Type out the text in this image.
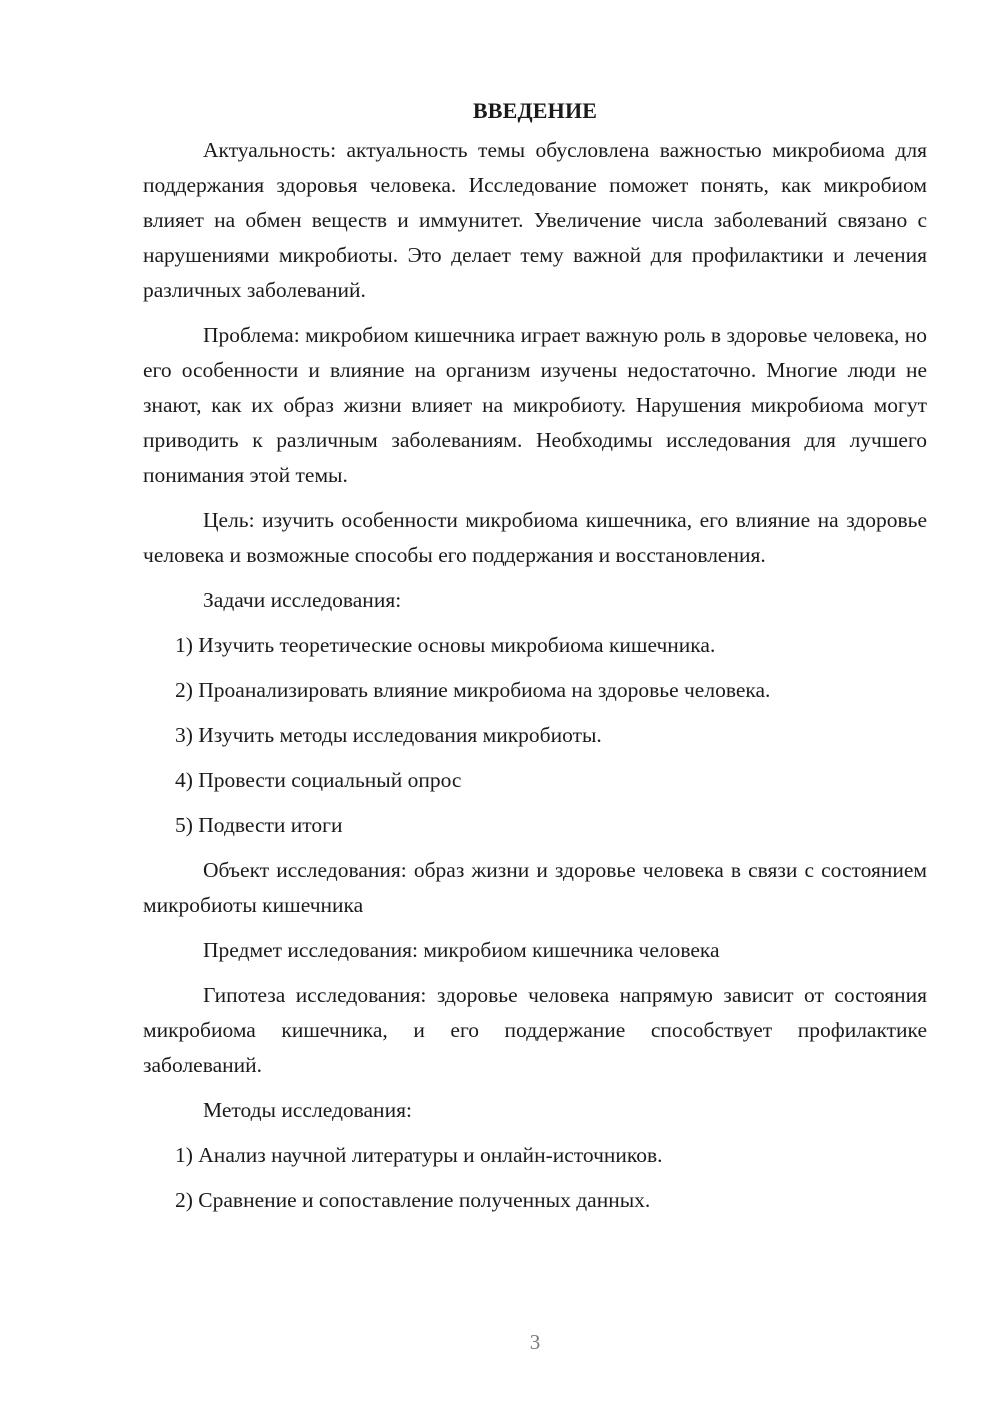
ВВЕДЕНИЕ

Актуальность: актуальность темы обусловлена важностью микробиома для поддержания здоровья человека. Исследование поможет понять, как микробиом влияет на обмен веществ и иммунитет. Увеличение числа заболеваний связано с нарушениями микробиоты. Это делает тему важной для профилактики и лечения различных заболеваний.

Проблема: микробиом кишечника играет важную роль в здоровье человека, но его особенности и влияние на организм изучены недостаточно. Многие люди не знают, как их образ жизни влияет на микробиоту. Нарушения микробиома могут приводить к различным заболеваниям. Необходимы исследования для лучшего понимания этой темы.

Цель: изучить особенности микробиома кишечника, его влияние на здоровье человека и возможные способы его поддержания и восстановления.

Задачи исследования:
1) Изучить теоретические основы микробиома кишечника.
2) Проанализировать влияние микробиома на здоровье человека.
3) Изучить методы исследования микробиоты.
4) Провести социальный опрос
5) Подвести итоги

Объект исследования: образ жизни и здоровье человека в связи с состоянием микробиоты кишечника

Предмет исследования: микробиом кишечника человека

Гипотеза исследования: здоровье человека напрямую зависит от состояния микробиома кишечника, и его поддержание способствует профилактике заболеваний.

Методы исследования:
1) Анализ научной литературы и онлайн-источников.
2) Сравнение и сопоставление полученных данных.
3
